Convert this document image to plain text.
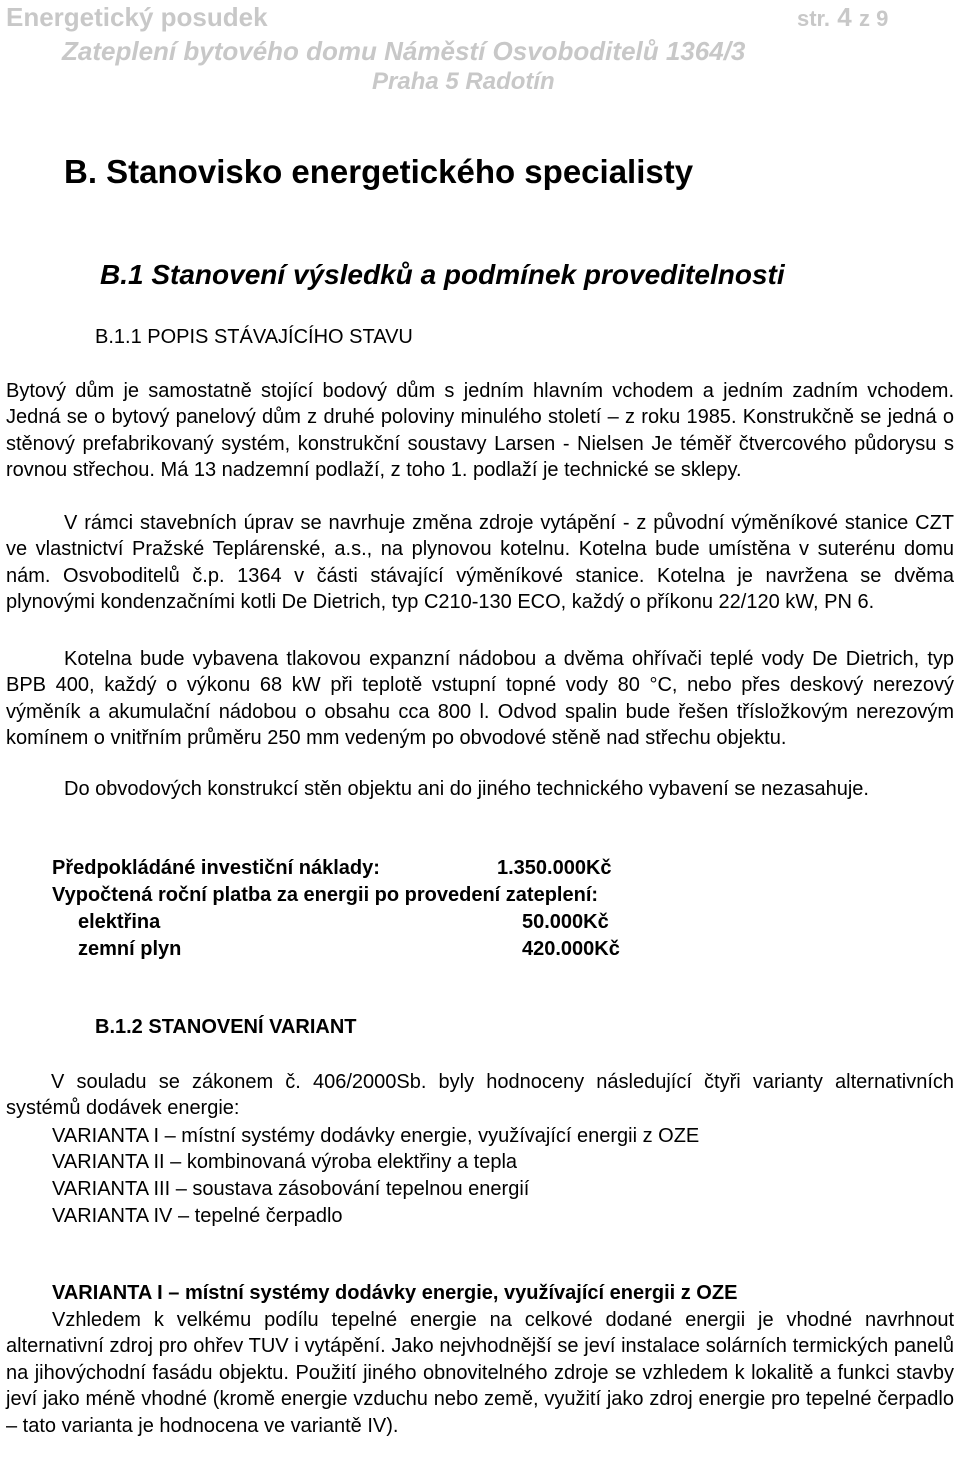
Energetický posudek	str. 4 z 9
Zateplení bytového domu Náměstí Osvoboditelů 1364/3
Praha 5 Radotín
B. Stanovisko energetického specialisty
B.1 Stanovení výsledků a podmínek proveditelnosti
B.1.1 POPIS STÁVAJÍCÍHO STAVU
Bytový dům je samostatně stojící bodový dům s jedním hlavním vchodem a jedním zadním vchodem. Jedná se o bytový panelový dům z druhé poloviny minulého století – z roku 1985. Konstrukčně se jedná o stěnový prefabrikovaný systém, konstrukční soustavy Larsen - Nielsen Je téměř čtvercového půdorysu s rovnou střechou. Má 13 nadzemní podlaží, z toho 1. podlaží je technické se sklepy.
V rámci stavebních úprav se navrhuje změna zdroje vytápění - z původní výměníkové stanice CZT ve vlastnictví Pražské Teplárenské, a.s., na plynovou kotelnu. Kotelna bude umístěna v suterénu domu nám. Osvoboditelů č.p. 1364 v části stávající výměníkové stanice. Kotelna je navržena se dvěma plynovými kondenzačními kotli De Dietrich, typ C210-130 ECO, každý o příkonu 22/120 kW, PN 6.
Kotelna bude vybavena tlakovou expanzní nádobou a dvěma ohřívači teplé vody De Dietrich, typ BPB 400, každý o výkonu 68 kW při teplotě vstupní topné vody 80 °C, nebo přes deskový nerezový výměník a akumulační nádobou o obsahu cca 800 l. Odvod spalin bude řešen třísložkovým nerezovým komínem o vnitřním průměru 250 mm vedeným po obvodové stěně nad střechu objektu.
Do obvodových konstrukcí stěn objektu ani do jiného technického vybavení se nezasahuje.
Předpokládáné investiční náklady:	1.350.000Kč
Vypočtená roční platba za energii po provedení zateplení:
elektřina	50.000Kč
zemní plyn	420.000Kč
B.1.2 STANOVENÍ VARIANT
V souladu se zákonem č. 406/2000Sb. byly hodnoceny následující čtyři varianty alternativních systémů dodávek energie:
VARIANTA I – místní systémy dodávky energie, využívající energii z OZE
VARIANTA II – kombinovaná výroba elektřiny a tepla
VARIANTA III – soustava zásobování tepelnou energií
VARIANTA IV – tepelné čerpadlo
VARIANTA I – místní systémy dodávky energie, využívající energii z OZE
Vzhledem k velkému podílu tepelné energie na celkové dodané energii je vhodné navrhnout alternativní zdroj pro ohřev TUV i vytápění. Jako nejvhodnější se jeví instalace solárních termických panelů na jihovýchodní fasádu objektu. Použití jiného obnovitelného zdroje se vzhledem k lokalitě a funkci stavby jeví jako méně vhodné (kromě energie vzduchu nebo země, využití jako zdroj energie pro tepelné čerpadlo – tato varianta je hodnocena ve variantě IV).
